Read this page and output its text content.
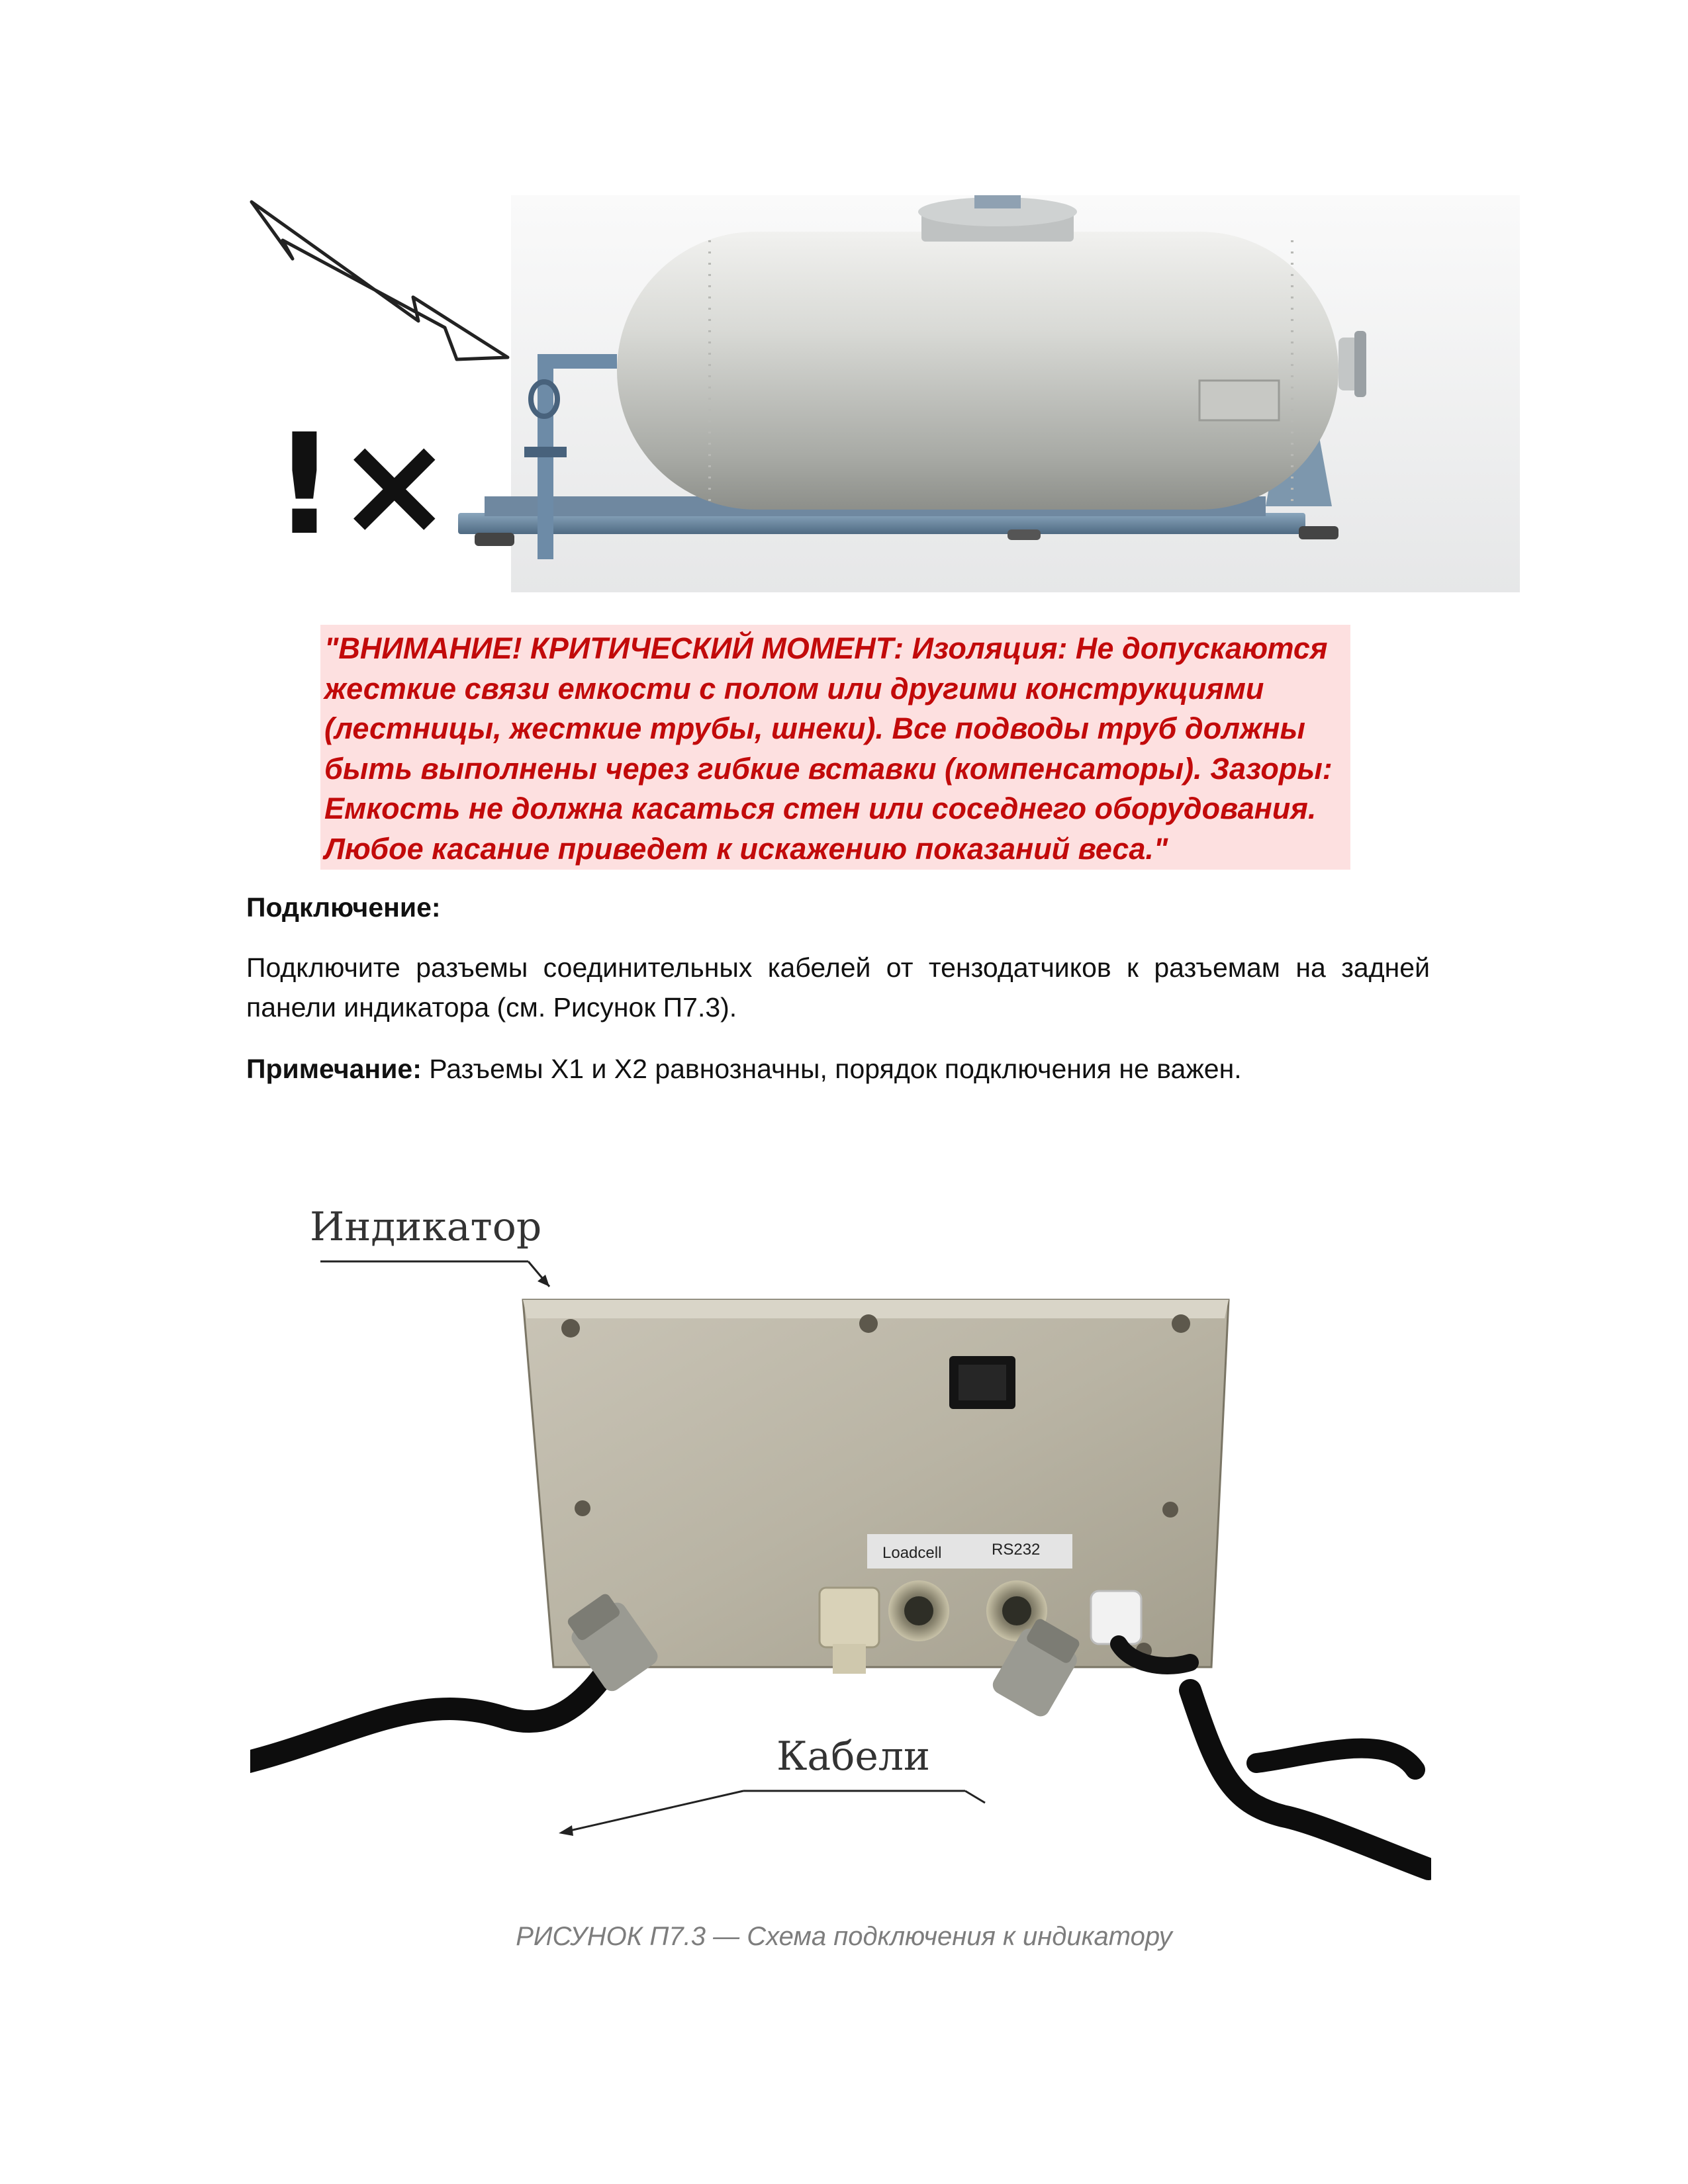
!×
"ВНИМАНИЕ! КРИТИЧЕСКИЙ МОМЕНТ: Изоляция: Не допускаются
жесткие связи емкости с полом или другими конструкциями
(лестницы, жесткие трубы, шнеки). Все подводы труб должны
быть выполнены через гибкие вставки (компенсаторы). Зазоры:
Емкость не должна касаться стен или соседнего оборудования.
Любое касание приведет к искажению показаний веса."
Подключение:
Подключите разъемы соединительных кабелей от тензодатчиков к разъемам на задней панели индикатора (см. Рисунок П7.3).
Примечание: Разъемы X1 и X2 равнозначны, порядок подключения не важен.
Индикатор
Loadcell	RS232
Кабели
РИСУНОК П7.3 — Схема подключения к индикатору
